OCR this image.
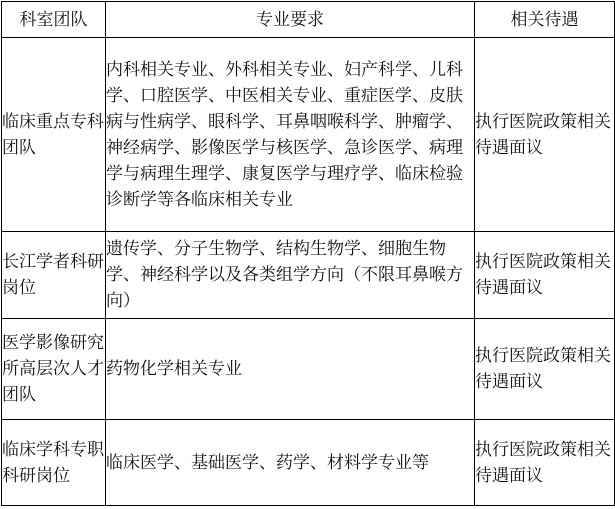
科室团队	专业要求	相关待遇
临床重点专科团队	内科相关专业、外科相关专业、妇产科学、儿科学、口腔医学、中医相关专业、重症医学、皮肤病与性病学、眼科学、耳鼻咽喉科学、肿瘤学、神经病学、影像医学与核医学、急诊医学、病理学与病理生理学、康复医学与理疗学、临床检验诊断学等各临床相关专业	执行医院政策相关待遇面议
长江学者科研岗位	遗传学、分子生物学、结构生物学、细胞生物学、神经科学以及各类组学方向（不限耳鼻喉方向）	执行医院政策相关待遇面议
医学影像研究所高层次人才团队	药物化学相关专业	执行医院政策相关待遇面议
临床学科专职科研岗位	临床医学、基础医学、药学、材料学专业等	执行医院政策相关待遇面议
